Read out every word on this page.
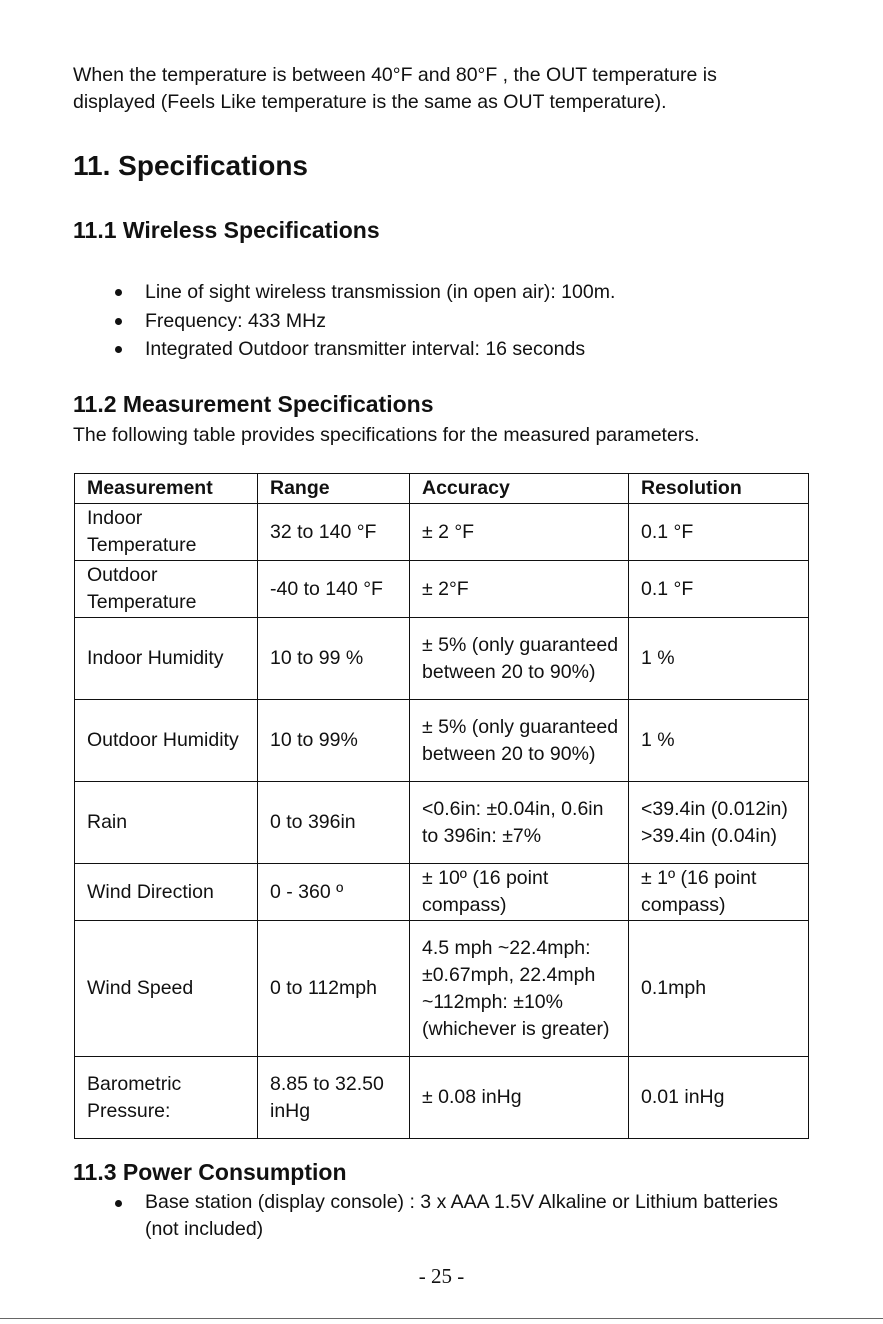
When the temperature is between 40°F and 80°F , the OUT temperature is
displayed (Feels Like temperature is the same as OUT temperature).
11. Specifications
11.1 Wireless Specifications
Line of sight wireless transmission (in open air): 100m.
Frequency: 433 MHz
Integrated Outdoor transmitter interval: 16 seconds
11.2 Measurement Specifications
The following table provides specifications for the measured parameters.
Measurement	Range	Accuracy	Resolution
Indoor Temperature	32 to 140 °F	± 2 °F	0.1 °F
Outdoor Temperature	-40 to 140 °F	± 2°F	0.1 °F
Indoor Humidity	10 to 99 %	± 5% (only guaranteed between 20 to 90%)	1 %
Outdoor Humidity	10 to 99%	± 5% (only guaranteed between 20 to 90%)	1 %
Rain	0 to 396in	<0.6in: ±0.04in, 0.6in to 396in: ±7%	<39.4in (0.012in) >39.4in (0.04in)
Wind Direction	0 - 360 º	± 10º (16 point compass)	± 1º (16 point compass)
Wind Speed	0 to 112mph	4.5 mph ~22.4mph: ±0.67mph, 22.4mph ~112mph: ±10% (whichever is greater)	0.1mph
Barometric Pressure:	8.85 to 32.50 inHg	± 0.08 inHg	0.01 inHg
11.3 Power Consumption
Base station (display console) : 3 x AAA 1.5V Alkaline or Lithium batteries (not included)
- 25 -
